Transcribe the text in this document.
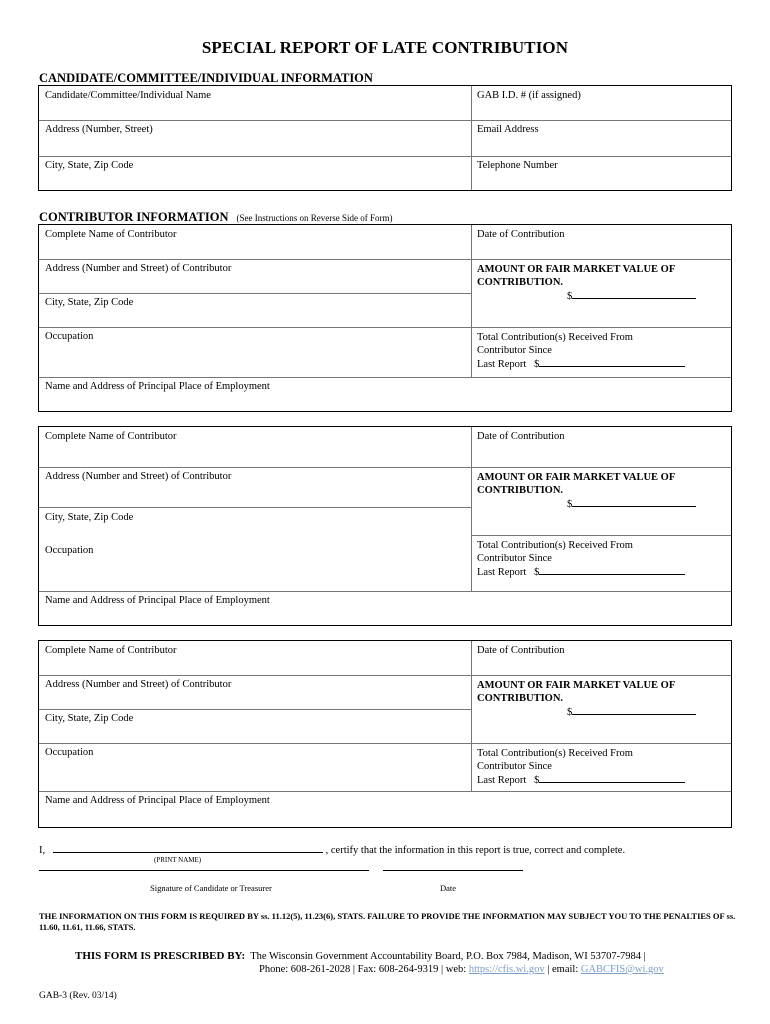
SPECIAL REPORT OF LATE CONTRIBUTION
CANDIDATE/COMMITTEE/INDIVIDUAL INFORMATION
Candidate/Committee/Individual Name	GAB I.D. # (if assigned)
Address (Number, Street)	Email Address
City, State, Zip Code	Telephone Number
CONTRIBUTOR INFORMATION (See Instructions on Reverse Side of Form)
Complete Name of Contributor	Date of Contribution
Address (Number and Street) of Contributor	AMOUNT OR FAIR MARKET VALUE OF
CONTRIBUTION.
$
City, State, Zip Code
Occupation	Total Contribution(s) Received From
Contributor Since
Last Report $
Name and Address of Principal Place of Employment
Complete Name of Contributor	Date of Contribution
Address (Number and Street) of Contributor	AMOUNT OR FAIR MARKET VALUE OF
CONTRIBUTION.
$
City, State, Zip Code
Occupation	Total Contribution(s) Received From
Contributor Since
Last Report $
Name and Address of Principal Place of Employment
Complete Name of Contributor	Date of Contribution
Address (Number and Street) of Contributor	AMOUNT OR FAIR MARKET VALUE OF
CONTRIBUTION.
$
City, State, Zip Code
Occupation	Total Contribution(s) Received From
Contributor Since
Last Report $
Name and Address of Principal Place of Employment
I,	, certify that the information in this report is true, correct and complete.
(PRINT NAME)
Signature of Candidate or Treasurer	Date
THE INFORMATION ON THIS FORM IS REQUIRED BY ss. 11.12(5), 11.23(6), STATS. FAILURE TO PROVIDE THE INFORMATION MAY SUBJECT YOU TO THE PENALTIES OF ss. 11.60, 11.61, 11.66, STATS.
THIS FORM IS PRESCRIBED BY: The Wisconsin Government Accountability Board, P.O. Box 7984, Madison, WI 53707-7984 |
Phone: 608-261-2028 | Fax: 608-264-9319 | web: https://cfis.wi.gov | email: GABCFIS@wi.gov
GAB-3 (Rev. 03/14)
